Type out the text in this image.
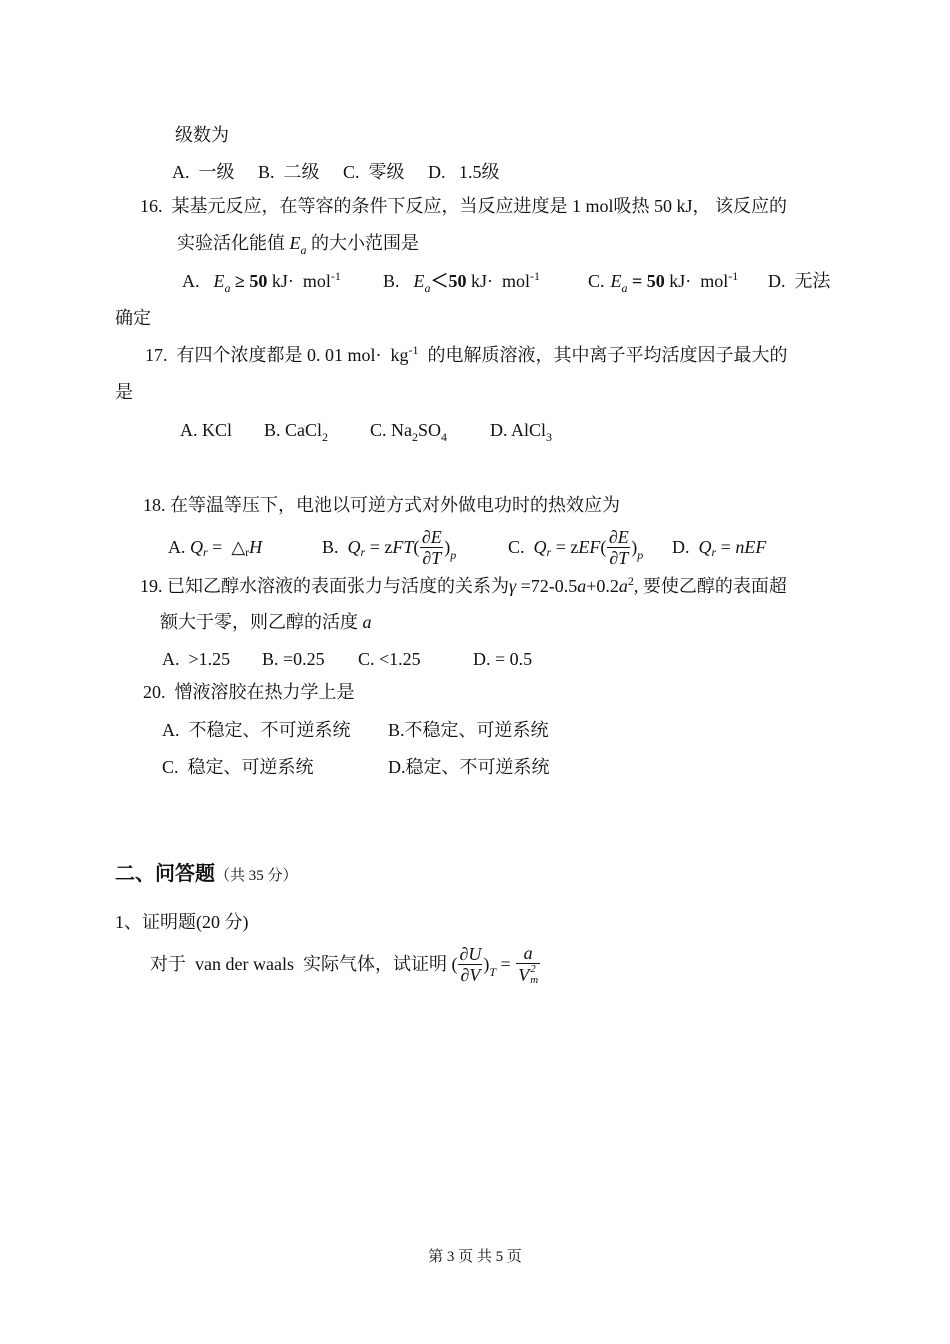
级数为
A.  一级 B.  二级 C.  零级 D.   1.5级
16.  某基元反应，在等容的条件下反应，当反应进度是 1 mol吸热 50 kJ， 该反应的
实验活化能值 E a 的大小范围是
A. E a ≥ 50 kJ·  mol -1 B. E a ＜50 kJ·  mol -1	C. E a = 50 kJ·  mol -1 D.  无法
确定
17.  有四个浓度都是 0. 01 mol·  kg -1 的电解质溶液，其中离子平均活度因子最大的
是
A. KCl B. CaCl 2 C. Na 2 SO 4 D. AlCl 3
18. 在等温等压下，电池以可逆方式对外做电功时的热效应为
A. Q r =  △ r H	B. Q r = z FT ( $\frac{\partial E}{\partial T}$ ) p	C. Q r = z EF ( $\frac{\partial E}{\partial T}$ ) p D. Q r = nEF
19. 已知乙醇水溶液的表面张力与活度的关系为 γ =72-0.5 a +0.2 a 2 , 要使乙醇的表面超
额大于零，则乙醇的活度 a
A.  >1.25 B. =0.25 C. <1.25	D. = 0.5
20.  憎液溶胶在热力学上是
A.  不稳定、不可逆系统 B.不稳定、可逆系统
C.  稳定、可逆系统	D.稳定、不可逆系统
二、问答题 （共 35 分）
1、证明题(20 分)
对于  van der waals  实际气体，试证明 ( $\frac{\partial U}{\partial V}$ ) T = a
V 2
m
第 3 页 共 5 页
